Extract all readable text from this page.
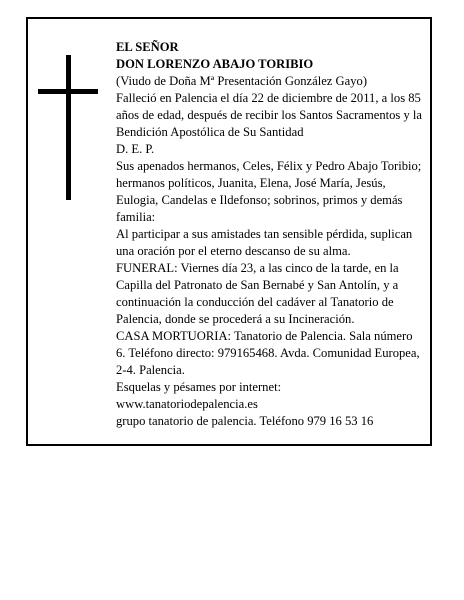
EL SEÑOR

DON LORENZO ABAJO TORIBIO

(Viudo de Doña Mª Presentación González Gayo)

Falleció en Palencia el día 22 de diciembre de 2011, a los 85 años de edad, después de recibir los Santos Sacramentos y la Bendición Apostólica de Su Santidad

D. E. P.

Sus apenados hermanos, Celes, Félix y Pedro Abajo Toribio; hermanos políticos, Juanita, Elena, José María, Jesús, Eulogia, Candelas e Ildefonso; sobrinos, primos y demás familia:

Al participar a sus amistades tan sensible pérdida, suplican una oración por el eterno descanso de su alma.

FUNERAL: Viernes día 23, a las cinco de la tarde, en la Capilla del Patronato de San Bernabé y San Antolín, y a continuación la conducción del cadáver al Tanatorio de Palencia, donde se procederá a su Incineración.

CASA MORTUORIA: Tanatorio de Palencia. Sala número 6. Teléfono directo: 979165468. Avda. Comunidad Europea, 2-4. Palencia.

Esquelas y pésames por internet:

www.tanatoriodepalencia.es

grupo tanatorio de palencia. Teléfono 979 16 53 16
